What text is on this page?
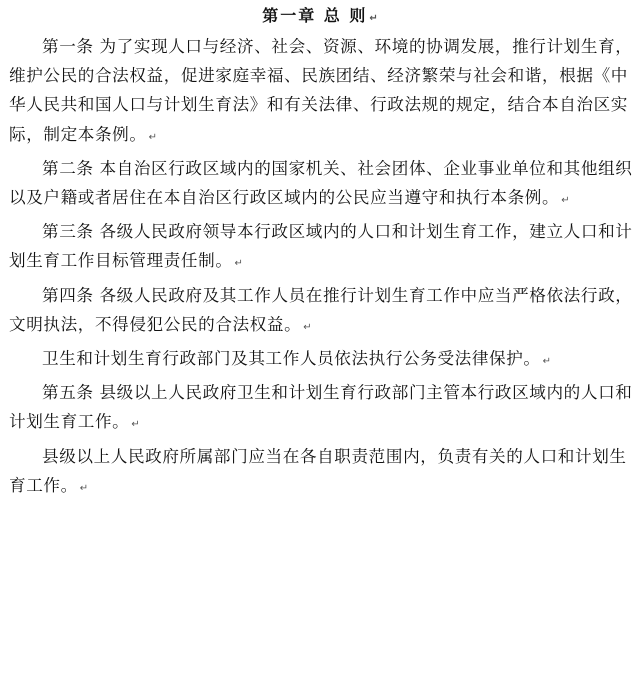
第一章 总 则 ↵

第一条 为了实现人口与经济、社会、资源、环境的协调发展，推行计划生育，维护公民的合法权益，促进家庭幸福、民族团结、经济繁荣与社会和谐，根据《中华人民共和国人口与计划生育法》和有关法律、行政法规的规定，结合本自治区实际，制定本条例。 ↵

第二条 本自治区行政区域内的国家机关、社会团体、企业事业单位和其他组织以及户籍或者居住在本自治区行政区域内的公民应当遵守和执行本条例。 ↵

第三条 各级人民政府领导本行政区域内的人口和计划生育工作，建立人口和计划生育工作目标管理责任制。 ↵

第四条 各级人民政府及其工作人员在推行计划生育工作中应当严格依法行政，文明执法，不得侵犯公民的合法权益。 ↵

卫生和计划生育行政部门及其工作人员依法执行公务受法律保护。 ↵

第五条 县级以上人民政府卫生和计划生育行政部门主管本行政区域内的人口和计划生育工作。 ↵

县级以上人民政府所属部门应当在各自职责范围内，负责有关的人口和计划生育工作。 ↵
